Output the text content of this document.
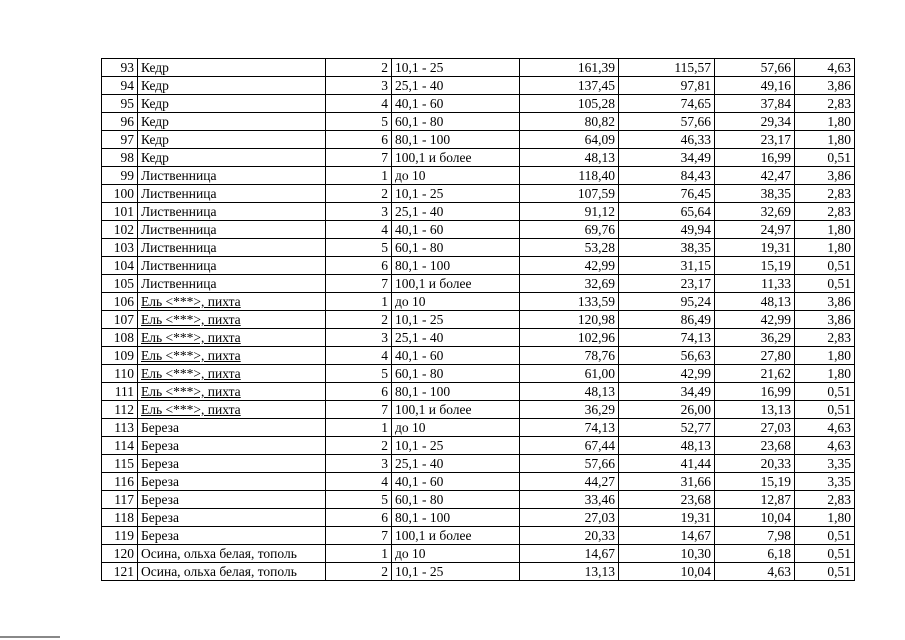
93	Кедр	2	10,1 - 25	161,39	115,57	57,66	4,63
94	Кедр	3	25,1 - 40	137,45	97,81	49,16	3,86
95	Кедр	4	40,1 - 60	105,28	74,65	37,84	2,83
96	Кедр	5	60,1 - 80	80,82	57,66	29,34	1,80
97	Кедр	6	80,1 - 100	64,09	46,33	23,17	1,80
98	Кедр	7	100,1 и более	48,13	34,49	16,99	0,51
99	Лиственница	1	до 10	118,40	84,43	42,47	3,86
100	Лиственница	2	10,1 - 25	107,59	76,45	38,35	2,83
101	Лиственница	3	25,1 - 40	91,12	65,64	32,69	2,83
102	Лиственница	4	40,1 - 60	69,76	49,94	24,97	1,80
103	Лиственница	5	60,1 - 80	53,28	38,35	19,31	1,80
104	Лиственница	6	80,1 - 100	42,99	31,15	15,19	0,51
105	Лиственница	7	100,1 и более	32,69	23,17	11,33	0,51
106	Ель <***>, пихта	1	до 10	133,59	95,24	48,13	3,86
107	Ель <***>, пихта	2	10,1 - 25	120,98	86,49	42,99	3,86
108	Ель <***>, пихта	3	25,1 - 40	102,96	74,13	36,29	2,83
109	Ель <***>, пихта	4	40,1 - 60	78,76	56,63	27,80	1,80
110	Ель <***>, пихта	5	60,1 - 80	61,00	42,99	21,62	1,80
111	Ель <***>, пихта	6	80,1 - 100	48,13	34,49	16,99	0,51
112	Ель <***>, пихта	7	100,1 и более	36,29	26,00	13,13	0,51
113	Береза	1	до 10	74,13	52,77	27,03	4,63
114	Береза	2	10,1 - 25	67,44	48,13	23,68	4,63
115	Береза	3	25,1 - 40	57,66	41,44	20,33	3,35
116	Береза	4	40,1 - 60	44,27	31,66	15,19	3,35
117	Береза	5	60,1 - 80	33,46	23,68	12,87	2,83
118	Береза	6	80,1 - 100	27,03	19,31	10,04	1,80
119	Береза	7	100,1 и более	20,33	14,67	7,98	0,51
120	Осина, ольха белая, тополь	1	до 10	14,67	10,30	6,18	0,51
121	Осина, ольха белая, тополь	2	10,1 - 25	13,13	10,04	4,63	0,51
